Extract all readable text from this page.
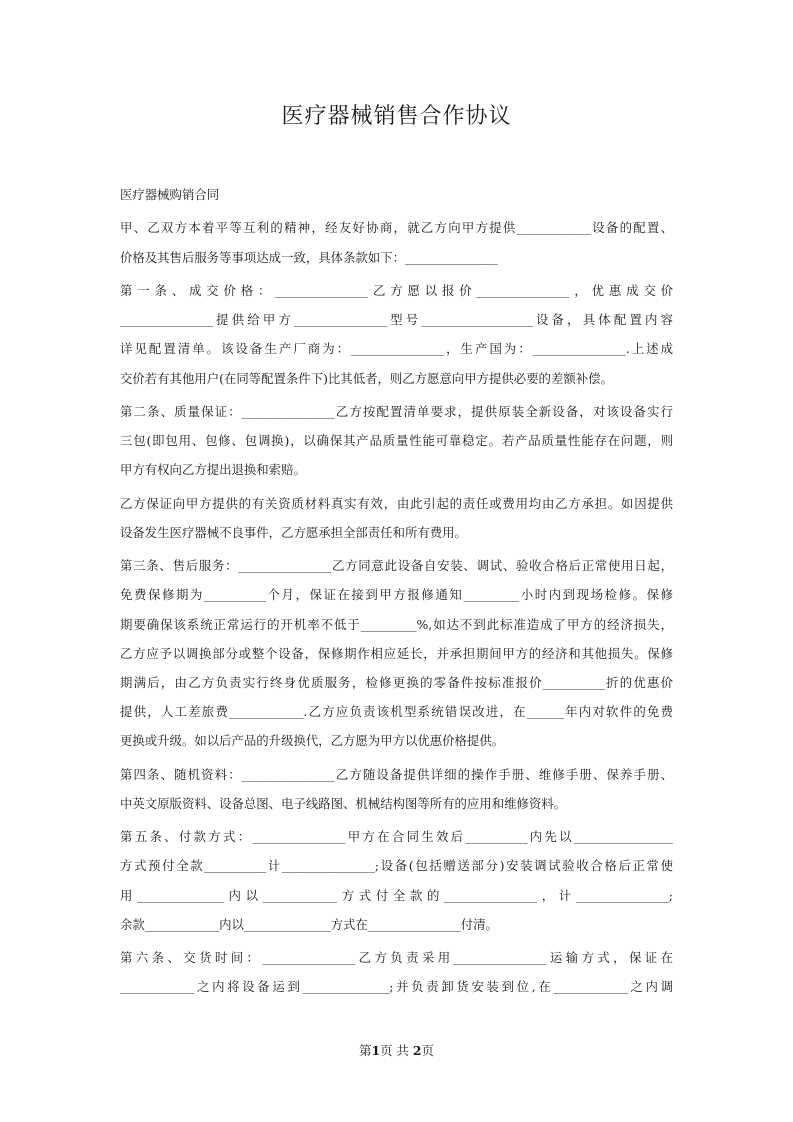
医疗器械销售合作协议
医疗器械购销合同
甲、乙双方本着平等互利的精神，经友好协商，就乙方向甲方提供____________设备的配置、
价格及其售后服务等事项达成一致，具体条款如下：_______________
第一条、成交价格：_______________乙方愿以报价_______________，优惠成交价
_______________提供给甲方_______________型号__________________设备，具体配置内容
详见配置清单。该设备生产厂商为：_______________，生产国为：_______________.上述成
交价若有其他用户(在同等配置条件下)比其低者，则乙方愿意向甲方提供必要的差额补偿。
第二条、质量保证：_______________乙方按配置清单要求，提供原装全新设备，对该设备实行
三包(即包用、包修、包调换)，以确保其产品质量性能可靠稳定。若产品质量性能存在问题，则
甲方有权向乙方提出退换和索赔。
乙方保证向甲方提供的有关资质材料真实有效，由此引起的责任或费用均由乙方承担。如因提供
设备发生医疗器械不良事件，乙方愿承担全部责任和所有费用。
第三条、售后服务：_______________乙方同意此设备自安装、调试、验收合格后正常使用日起，
免费保修期为__________个月，保证在接到甲方报修通知_________小时内到现场检修。保修
期要确保该系统正常运行的开机率不低于_________%,如达不到此标准造成了甲方的经济损失，
乙方应予以调换部分或整个设备，保修期作相应延长，并承担期间甲方的经济和其他损失。保修
期满后，由乙方负责实行终身优质服务，检修更换的零备件按标准报价__________折的优惠价
提供，人工差旅费____________.乙方应负责该机型系统错误改进，在______年内对软件的免费
更换或升级。如以后产品的升级换代，乙方愿为甲方以优惠价格提供。
第四条、随机资料：_______________乙方随设备提供详细的操作手册、维修手册、保养手册、
中英文原版资料、设备总图、电子线路图、机械结构图等所有的应用和维修资料。
第五条、付款方式：_______________甲方在合同生效后__________内先以________________
方式预付全款__________计_______________;设备(包括赠送部分)安装调试验收合格后正常使
用______________内以____________方式付全款的_______________，计_______________;
余款____________内以______________方式在_______________付清。
第六条、交货时间：_______________乙方负责采用_______________运输方式，保证在
____________之内将设备运到______________;并负责卸货安装到位,在____________之内调
第1页 共 2页
